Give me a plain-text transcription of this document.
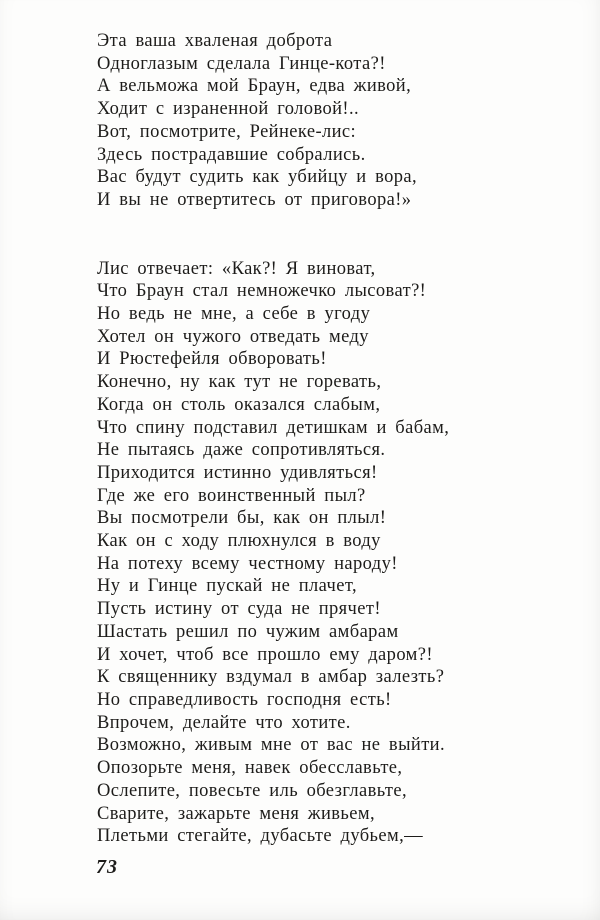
Эта ваша хваленая доброта
Одноглазым сделала Гинце-кота?!
А вельможа мой Браун, едва живой,
Ходит с израненной головой!..
Вот, посмотрите, Рейнеке-лис:
Здесь пострадавшие собрались.
Вас будут судить как убийцу и вора,
И вы не отвертитесь от приговора!»
Лис отвечает: «Как?! Я виноват,
Что Браун стал немножечко лысоват?!
Но ведь не мне, а себе в угоду
Хотел он чужого отведать меду
И Рюстефейля обворовать!
Конечно, ну как тут не горевать,
Когда он столь оказался слабым,
Что спину подставил детишкам и бабам,
Не пытаясь даже сопротивляться.
Приходится истинно удивляться!
Где же его воинственный пыл?
Вы посмотрели бы, как он плыл!
Как он с ходу плюхнулся в воду
На потеху всему честному народу!
Ну и Гинце пускай не плачет,
Пусть истину от суда не прячет!
Шастать решил по чужим амбарам
И хочет, чтоб все прошло ему даром?!
К священнику вздумал в амбар залезть?
Но справедливость господня есть!
Впрочем, делайте что хотите.
Возможно, живым мне от вас не выйти.
Опозорьте меня, навек обесславьте,
Ослепите, повесьте иль обезглавьте,
Сварите, зажарьте меня живьем,
Плетьми стегайте, дубасьте дубьем,—
73
